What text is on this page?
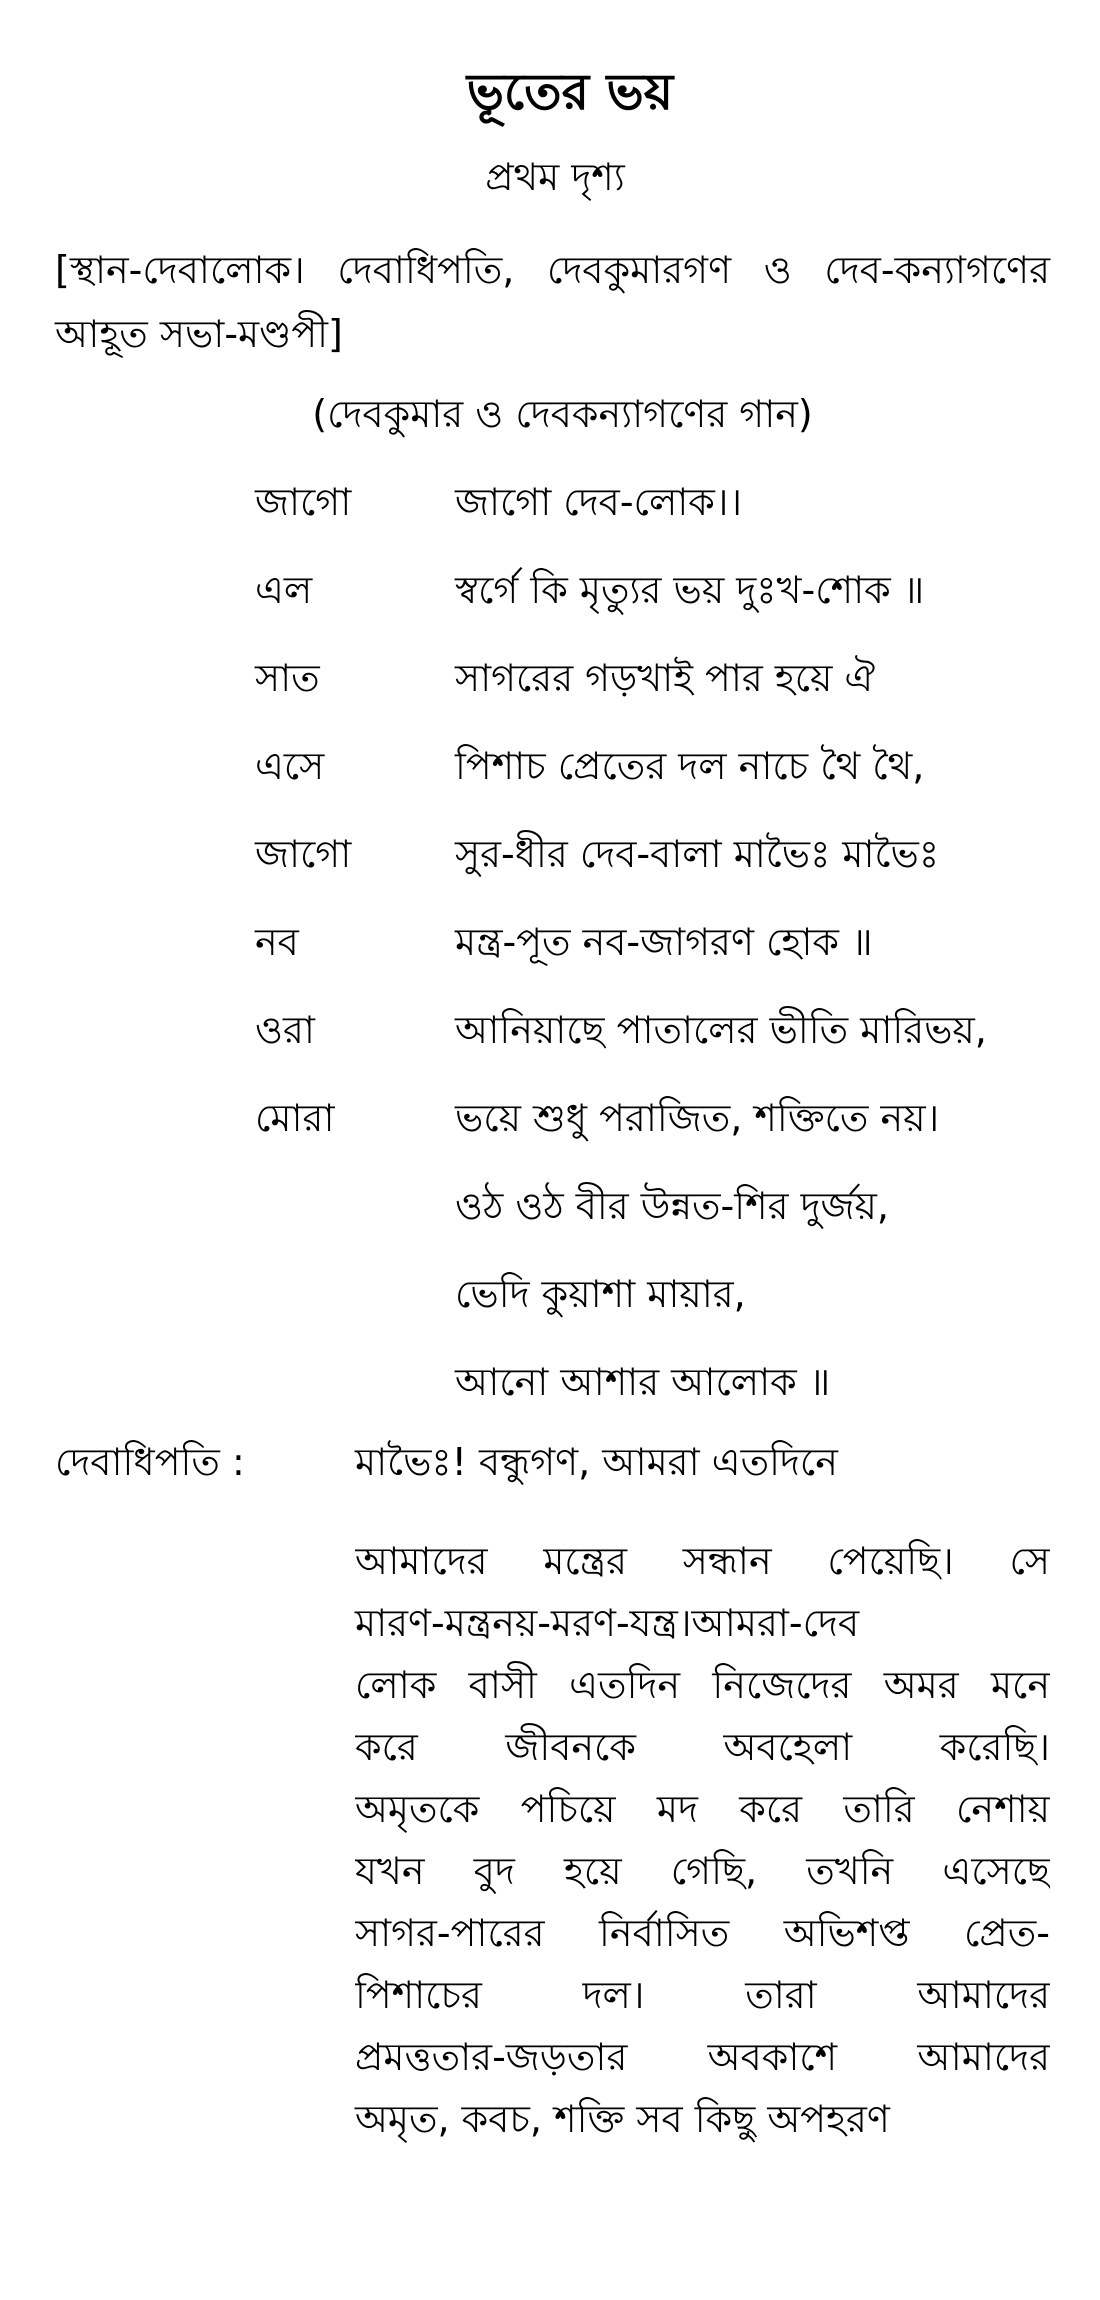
ভূতের ভয়
প্রথম দৃশ্য
[স্থান-দেবালোক। দেবাধিপতি, দেবকুমারগণ ও দেব-কন্যাগণের আহূত সভা-মণ্ডপী]
(দেবকুমার ও দেবকন্যাগণের গান)
জাগো	জাগো দেব-লোক।।
এল	স্বর্গে কি মৃত্যুর ভয় দুঃখ-শোক ॥
সাত	সাগরের গড়খাই পার হয়ে ঐ
এসে	পিশাচ প্রেতের দল নাচে থৈ থৈ,
জাগো	সুর-ধীর দেব-বালা মাভৈঃ মাভৈঃ
নব	মন্ত্র-পূত নব-জাগরণ হোক ॥
ওরা	আনিয়াছে পাতালের ভীতি মারিভয়,
মোরা	ভয়ে শুধু পরাজিত, শক্তিতে নয়।
ওঠ ওঠ বীর উন্নত-শির দুর্জয়,
ভেদি কুয়াশা মায়ার,
আনো আশার আলোক ॥
দেবাধিপতি :	মাভৈঃ! বন্ধুগণ, আমরা এতদিনে
আমাদের মন্ত্রের সন্ধান পেয়েছি। সে
মারণ-মন্ত্রনয়-মরণ-যন্ত্র।আমরা-দেব
লোক বাসী এতদিন নিজেদের অমর মনে
করে জীবনকে অবহেলা করেছি।
অমৃতকে পচিয়ে মদ করে তারি নেশায়
যখন বুদ হয়ে গেছি, তখনি এসেছে
সাগর-পারের নির্বাসিত অভিশপ্ত প্রেত-
পিশাচের দল। তারা আমাদের
প্রমত্ততার-জড়তার অবকাশে আমাদের
অমৃত, কবচ, শক্তি সব কিছু অপহরণ
